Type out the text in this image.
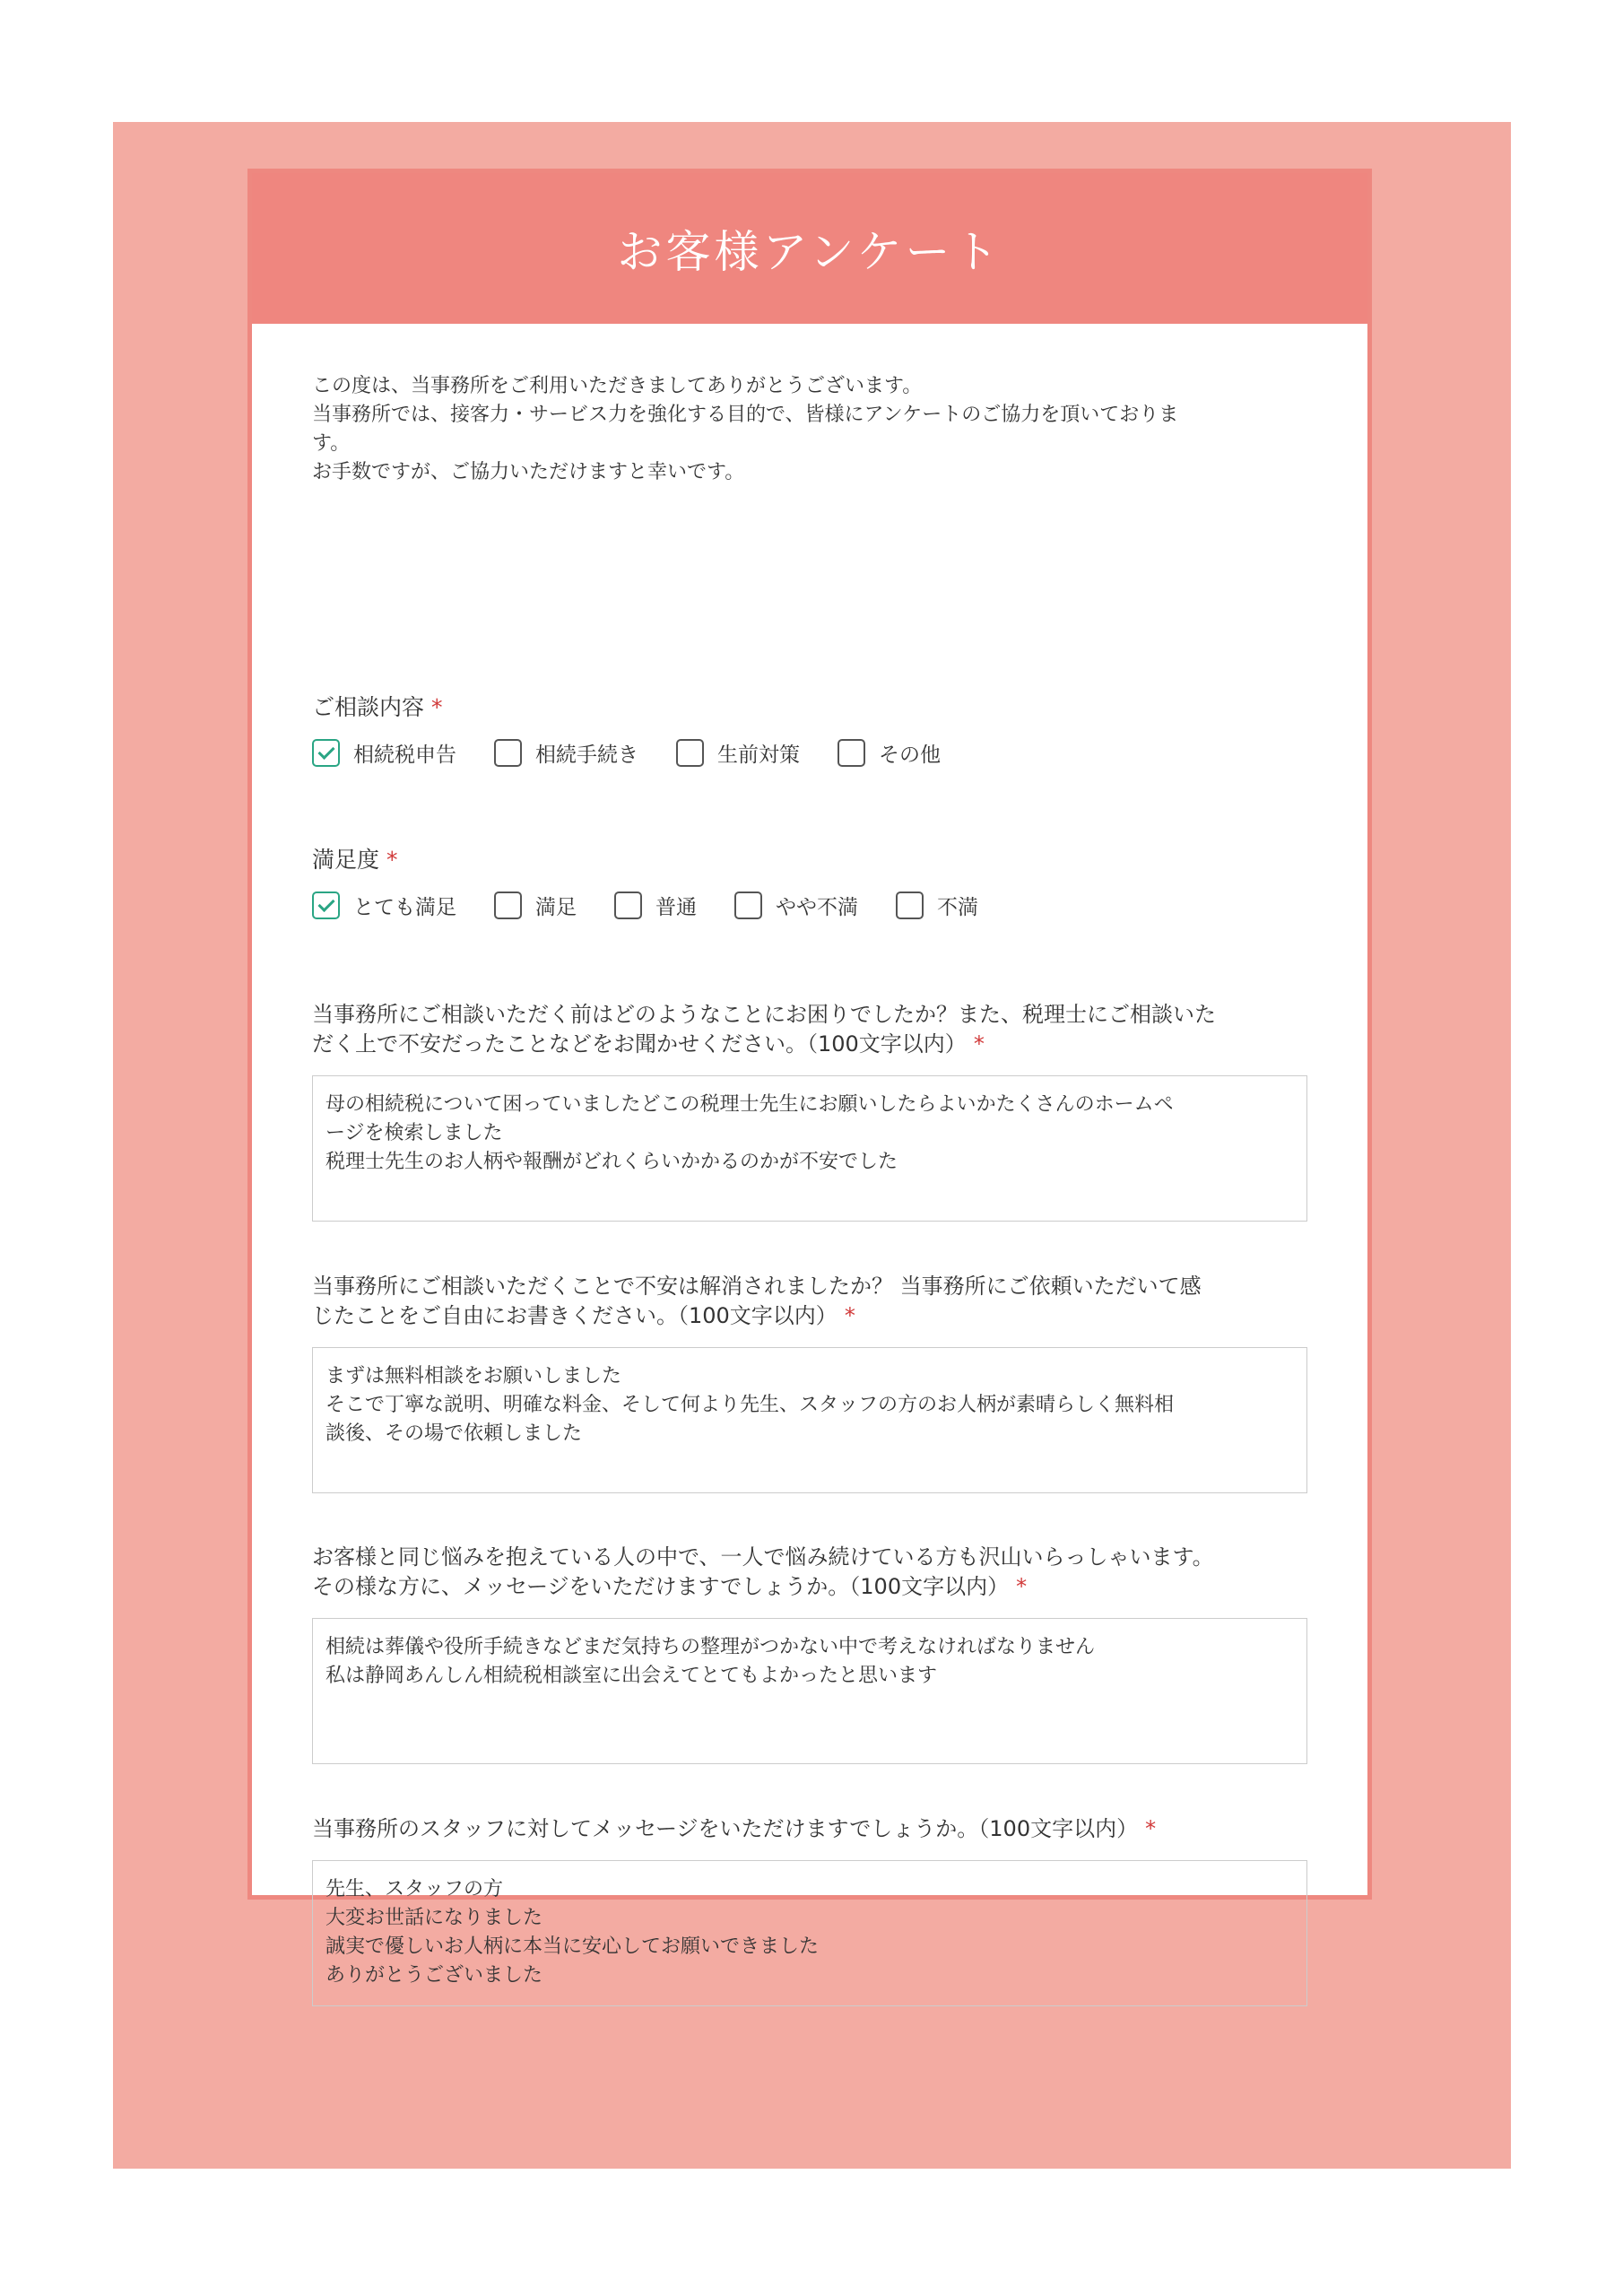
お客様アンケート
この度は、当事務所をご利用いただきましてありがとうございます。
当事務所では、接客力・サービス力を強化する目的で、皆様にアンケートのご協力を頂いておりま
す。
お手数ですが、ご協力いただけますと幸いです。
ご相談内容 *
相続税申告	相続手続き	生前対策	その他
満足度 *
とても満足	満足	普通	やや不満	不満
当事務所にご相談いただく前はどのようなことにお困りでしたか？また、税理士にご相談いた
だく上で不安だったことなどをお聞かせください。（100文字以内） *
母の相続税について困っていましたどこの税理士先生にお願いしたらよいかたくさんのホームペ
ージを検索しました
税理士先生のお人柄や報酬がどれくらいかかるのかが不安でした
当事務所にご相談いただくことで不安は解消されましたか？ 当事務所にご依頼いただいて感
じたことをご自由にお書きください。（100文字以内） *
まずは無料相談をお願いしました
そこで丁寧な説明、明確な料金、そして何より先生、スタッフの方のお人柄が素晴らしく無料相
談後、その場で依頼しました
お客様と同じ悩みを抱えている人の中で、一人で悩み続けている方も沢山いらっしゃいます。
その様な方に、メッセージをいただけますでしょうか。（100文字以内） *
相続は葬儀や役所手続きなどまだ気持ちの整理がつかない中で考えなければなりません
私は静岡あんしん相続税相談室に出会えてとてもよかったと思います
当事務所のスタッフに対してメッセージをいただけますでしょうか。（100文字以内） *
先生、スタッフの方
大変お世話になりました
誠実で優しいお人柄に本当に安心してお願いできました
ありがとうございました
